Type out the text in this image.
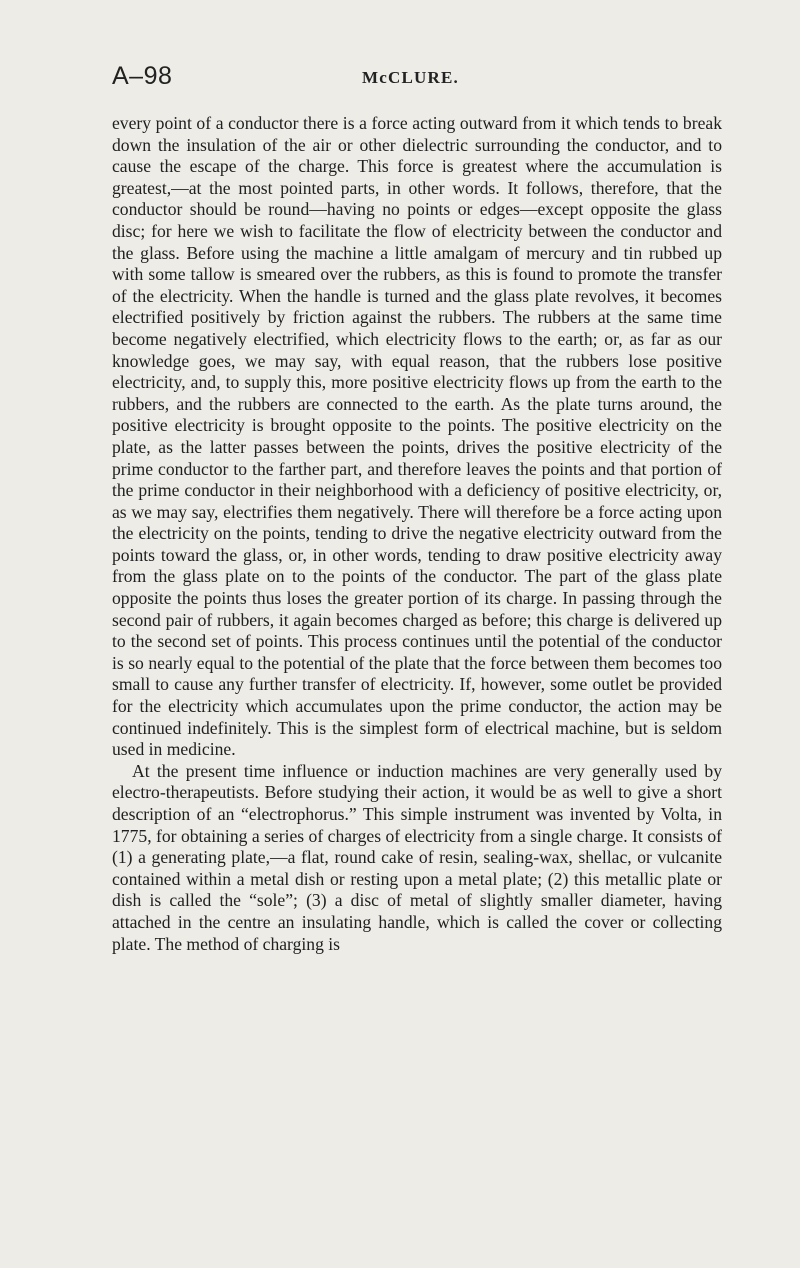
A–98	McCLURE.

every point of a conductor there is a force acting outward from it which tends to break down the insulation of the air or other dielectric surrounding the conductor, and to cause the escape of the charge. This force is greatest where the accumulation is greatest,—at the most pointed parts, in other words. It follows, therefore, that the conductor should be round—having no points or edges—except opposite the glass disc; for here we wish to facilitate the flow of electricity between the conductor and the glass. Before using the machine a little amalgam of mercury and tin rubbed up with some tallow is smeared over the rubbers, as this is found to promote the transfer of the electricity. When the handle is turned and the glass plate revolves, it becomes electrified positively by friction against the rubbers. The rubbers at the same time become negatively electrified, which electricity flows to the earth; or, as far as our knowledge goes, we may say, with equal reason, that the rubbers lose positive electricity, and, to supply this, more positive electricity flows up from the earth to the rubbers, and the rubbers are connected to the earth. As the plate turns around, the positive electricity is brought opposite to the points. The positive electricity on the plate, as the latter passes between the points, drives the positive electricity of the prime conductor to the farther part, and therefore leaves the points and that portion of the prime conductor in their neighborhood with a deficiency of positive electricity, or, as we may say, electrifies them negatively. There will therefore be a force acting upon the electricity on the points, tending to drive the negative electricity outward from the points toward the glass, or, in other words, tending to draw positive electricity away from the glass plate on to the points of the conductor. The part of the glass plate opposite the points thus loses the greater portion of its charge. In passing through the second pair of rubbers, it again becomes charged as before; this charge is delivered up to the second set of points. This process continues until the potential of the conductor is so nearly equal to the potential of the plate that the force between them becomes too small to cause any further transfer of electricity. If, however, some outlet be provided for the electricity which accumulates upon the prime conductor, the action may be continued indefinitely. This is the simplest form of electrical machine, but is seldom used in medicine.

At the present time influence or induction machines are very generally used by electro-therapeutists. Before studying their action, it would be as well to give a short description of an “electrophorus.” This simple instrument was invented by Volta, in 1775, for obtaining a series of charges of electricity from a single charge. It consists of (1) a generating plate,—a flat, round cake of resin, sealing-wax, shellac, or vulcanite contained within a metal dish or resting upon a metal plate; (2) this metallic plate or dish is called the “sole”; (3) a disc of metal of slightly smaller diameter, having attached in the centre an insulating handle, which is called the cover or collecting plate. The method of charging is
